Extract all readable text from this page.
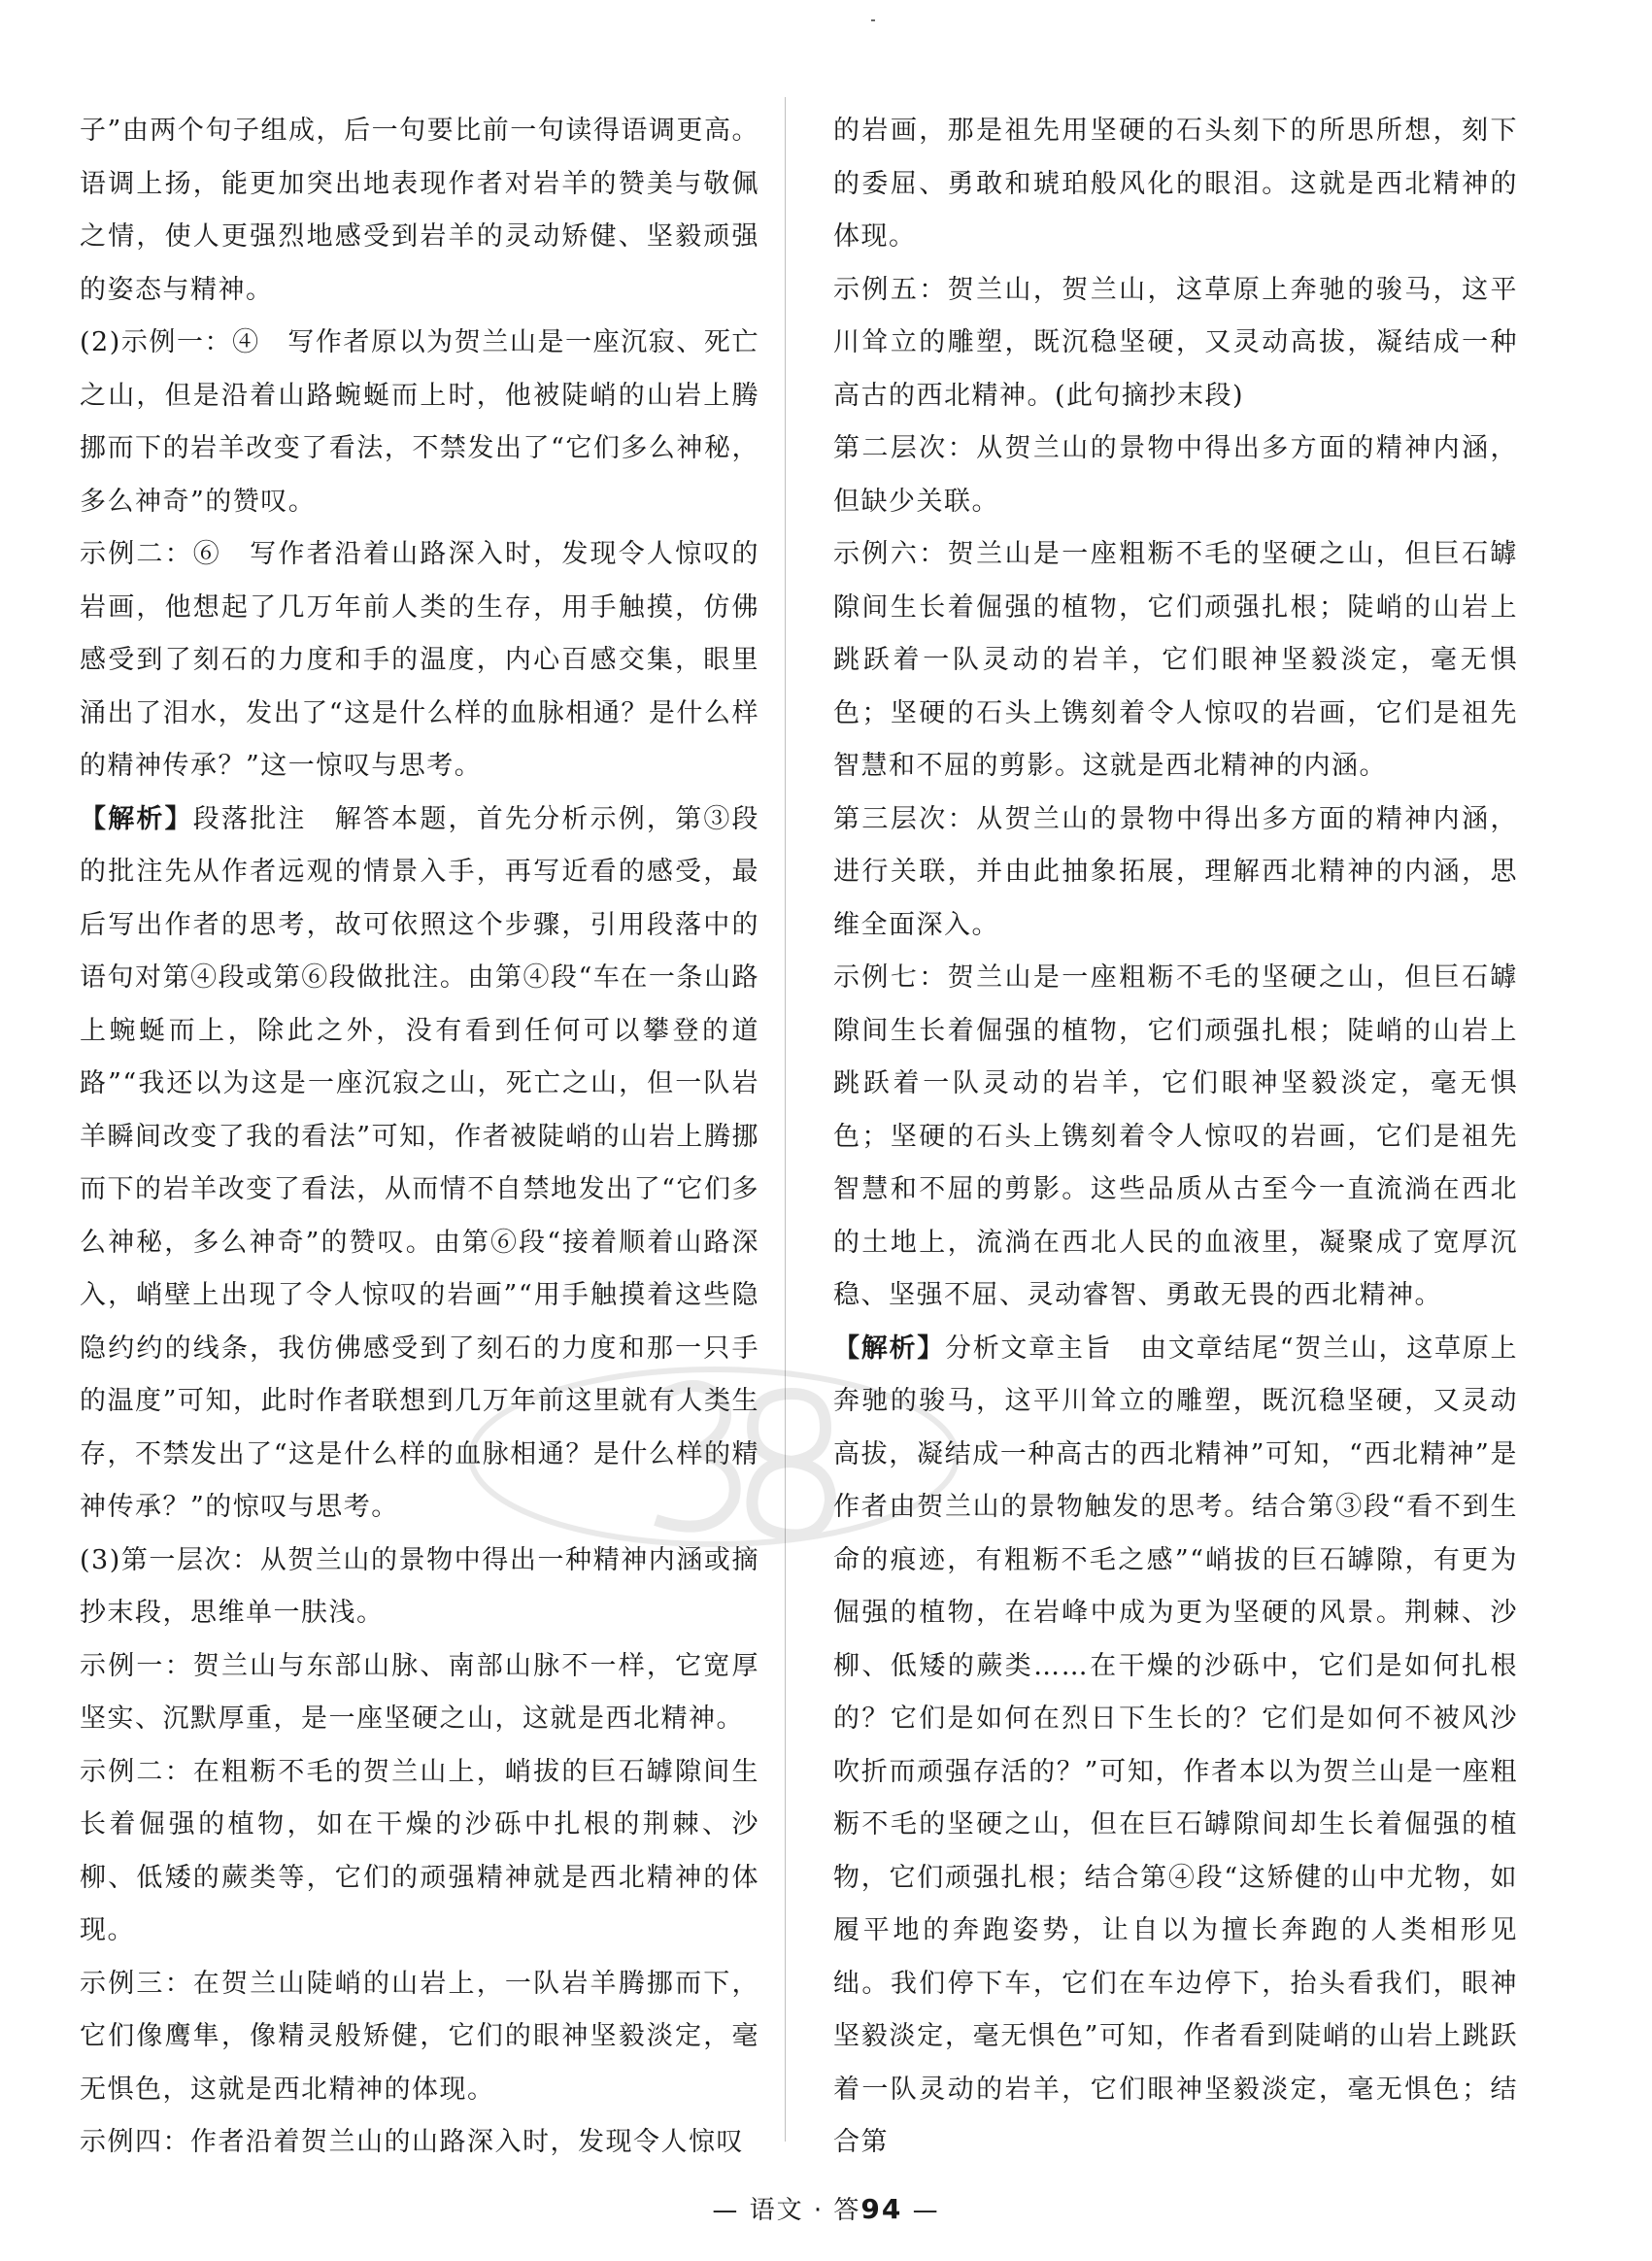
子”由两个句子组成，后一句要比前一句读得语调更高。语调上扬，能更加突出地表现作者对岩羊的赞美与敬佩之情，使人更强烈地感受到岩羊的灵动矫健、坚毅顽强的姿态与精神。

(2)示例一：④　写作者原以为贺兰山是一座沉寂、死亡之山，但是沿着山路蜿蜒而上时，他被陡峭的山岩上腾挪而下的岩羊改变了看法，不禁发出了“它们多么神秘，多么神奇”的赞叹。

示例二：⑥　写作者沿着山路深入时，发现令人惊叹的岩画，他想起了几万年前人类的生存，用手触摸，仿佛感受到了刻石的力度和手的温度，内心百感交集，眼里涌出了泪水，发出了“这是什么样的血脉相通？是什么样的精神传承？”这一惊叹与思考。

【解析】段落批注　解答本题，首先分析示例，第③段的批注先从作者远观的情景入手，再写近看的感受，最后写出作者的思考，故可依照这个步骤，引用段落中的语句对第④段或第⑥段做批注。由第④段“车在一条山路上蜿蜒而上，除此之外，没有看到任何可以攀登的道路”“我还以为这是一座沉寂之山，死亡之山，但一队岩羊瞬间改变了我的看法”可知，作者被陡峭的山岩上腾挪而下的岩羊改变了看法，从而情不自禁地发出了“它们多么神秘，多么神奇”的赞叹。由第⑥段“接着顺着山路深入，峭壁上出现了令人惊叹的岩画”“用手触摸着这些隐隐约约的线条，我仿佛感受到了刻石的力度和那一只手的温度”可知，此时作者联想到几万年前这里就有人类生存，不禁发出了“这是什么样的血脉相通？是什么样的精神传承？”的惊叹与思考。

(3)第一层次：从贺兰山的景物中得出一种精神内涵或摘抄末段，思维单一肤浅。

示例一：贺兰山与东部山脉、南部山脉不一样，它宽厚坚实、沉默厚重，是一座坚硬之山，这就是西北精神。

示例二：在粗粝不毛的贺兰山上，峭拔的巨石罅隙间生长着倔强的植物，如在干燥的沙砾中扎根的荆棘、沙柳、低矮的蕨类等，它们的顽强精神就是西北精神的体现。

示例三：在贺兰山陡峭的山岩上，一队岩羊腾挪而下，它们像鹰隼，像精灵般矫健，它们的眼神坚毅淡定，毫无惧色，这就是西北精神的体现。

示例四：作者沿着贺兰山的山路深入时，发现令人惊叹

的岩画，那是祖先用坚硬的石头刻下的所思所想，刻下的委屈、勇敢和琥珀般风化的眼泪。这就是西北精神的体现。

示例五：贺兰山，贺兰山，这草原上奔驰的骏马，这平川耸立的雕塑，既沉稳坚硬，又灵动高拔，凝结成一种高古的西北精神。(此句摘抄末段)

第二层次：从贺兰山的景物中得出多方面的精神内涵，但缺少关联。

示例六：贺兰山是一座粗粝不毛的坚硬之山，但巨石罅隙间生长着倔强的植物，它们顽强扎根；陡峭的山岩上跳跃着一队灵动的岩羊，它们眼神坚毅淡定，毫无惧色；坚硬的石头上镌刻着令人惊叹的岩画，它们是祖先智慧和不屈的剪影。这就是西北精神的内涵。

第三层次：从贺兰山的景物中得出多方面的精神内涵，进行关联，并由此抽象拓展，理解西北精神的内涵，思维全面深入。

示例七：贺兰山是一座粗粝不毛的坚硬之山，但巨石罅隙间生长着倔强的植物，它们顽强扎根；陡峭的山岩上跳跃着一队灵动的岩羊，它们眼神坚毅淡定，毫无惧色；坚硬的石头上镌刻着令人惊叹的岩画，它们是祖先智慧和不屈的剪影。这些品质从古至今一直流淌在西北的土地上，流淌在西北人民的血液里，凝聚成了宽厚沉稳、坚强不屈、灵动睿智、勇敢无畏的西北精神。

【解析】分析文章主旨　由文章结尾“贺兰山，这草原上奔驰的骏马，这平川耸立的雕塑，既沉稳坚硬，又灵动高拔，凝结成一种高古的西北精神”可知，“西北精神”是作者由贺兰山的景物触发的思考。结合第③段“看不到生命的痕迹，有粗粝不毛之感”“峭拔的巨石罅隙，有更为倔强的植物，在岩峰中成为更为坚硬的风景。荆棘、沙柳、低矮的蕨类……在干燥的沙砾中，它们是如何扎根的？它们是如何在烈日下生长的？它们是如何不被风沙吹折而顽强存活的？”可知，作者本以为贺兰山是一座粗粝不毛的坚硬之山，但在巨石罅隙间却生长着倔强的植物，它们顽强扎根；结合第④段“这矫健的山中尤物，如履平地的奔跑姿势，让自以为擅长奔跑的人类相形见绌。我们停下车，它们在车边停下，抬头看我们，眼神坚毅淡定，毫无惧色”可知，作者看到陡峭的山岩上跳跃着一队灵动的岩羊，它们眼神坚毅淡定，毫无惧色；结合第

— 语文 · 答94 —
